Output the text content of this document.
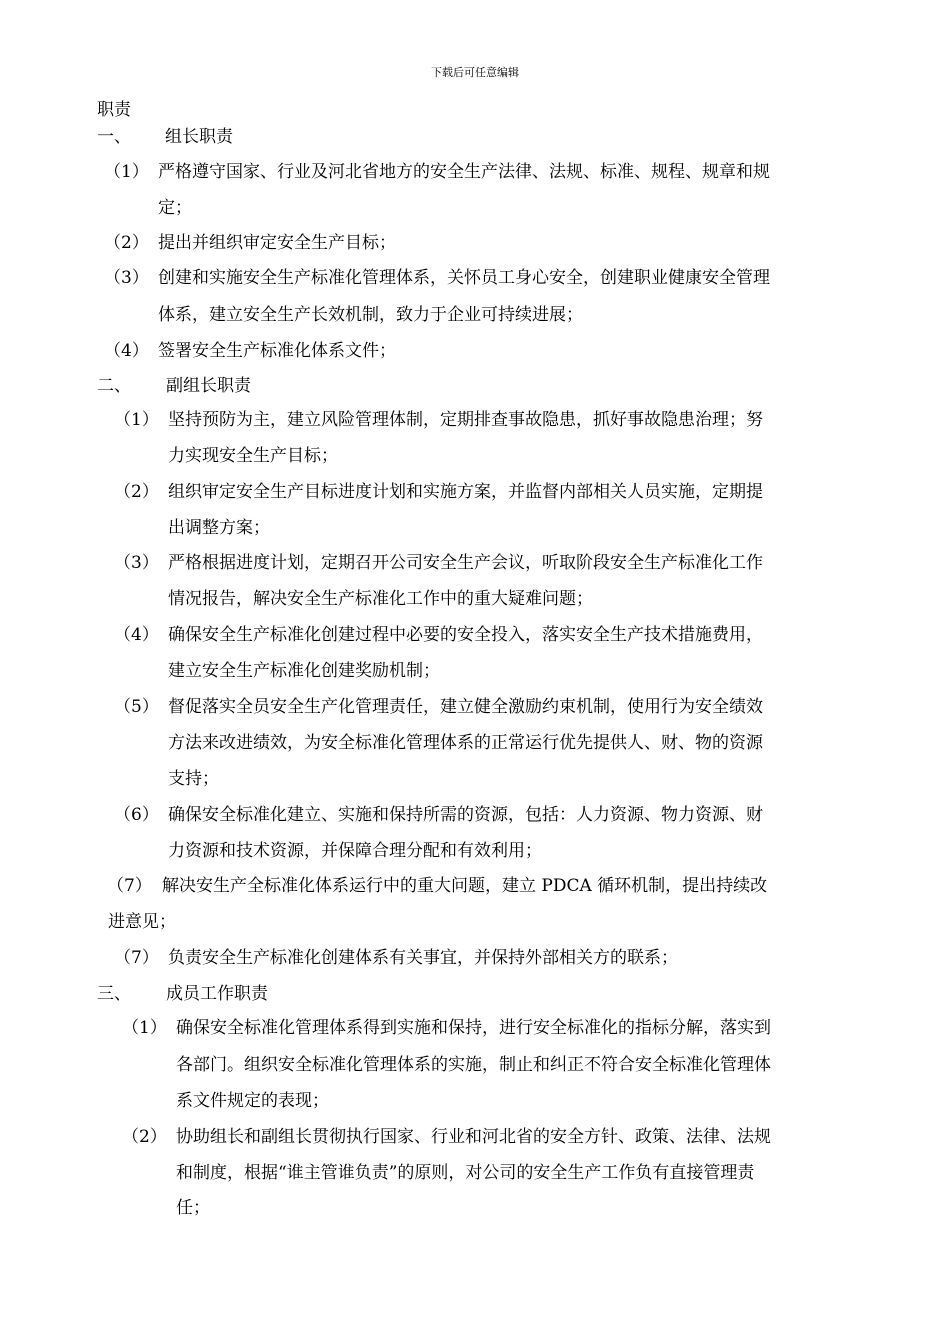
下载后可任意编辑
职责
一、 组长职责
（1） 严格遵守国家、行业及河北省地方的安全生产法律、法规、标准、规程、规章和规
定；
（2） 提出并组织审定安全生产目标；
（3） 创建和实施安全生产标准化管理体系，关怀员工身心安全，创建职业健康安全管理
体系，建立安全生产长效机制，致力于企业可持续进展；
（4） 签署安全生产标准化体系文件；
二、 副组长职责
（1） 坚持预防为主，建立风险管理体制，定期排查事故隐患，抓好事故隐患治理；努
力实现安全生产目标；
（2） 组织审定安全生产目标进度计划和实施方案，并监督内部相关人员实施，定期提
出调整方案；
（3） 严格根据进度计划，定期召开公司安全生产会议，听取阶段安全生产标准化工作
情况报告，解决安全生产标准化工作中的重大疑难问题；
（4） 确保安全生产标准化创建过程中必要的安全投入，落实安全生产技术措施费用，
建立安全生产标准化创建奖励机制；
（5） 督促落实全员安全生产化管理责任，建立健全激励约束机制，使用行为安全绩效
方法来改进绩效，为安全标准化管理体系的正常运行优先提供人、财、物的资源
支持；
（6） 确保安全标准化建立、实施和保持所需的资源，包括：人力资源、物力资源、财
力资源和技术资源，并保障合理分配和有效利用；
（7） 解决安生产全标准化体系运行中的重大问题，建立 PDCA 循环机制，提出持续改
进意见；
（7） 负责安全生产标准化创建体系有关事宜，并保持外部相关方的联系；
三、 成员工作职责
（1） 确保安全标准化管理体系得到实施和保持，进行安全标准化的指标分解，落实到
各部门。组织安全标准化管理体系的实施，制止和纠正不符合安全标准化管理体
系文件规定的表现；
（2） 协助组长和副组长贯彻执行国家、行业和河北省的安全方针、政策、法律、法规
和制度，根据“谁主管谁负责”的原则，对公司的安全生产工作负有直接管理责
任；
